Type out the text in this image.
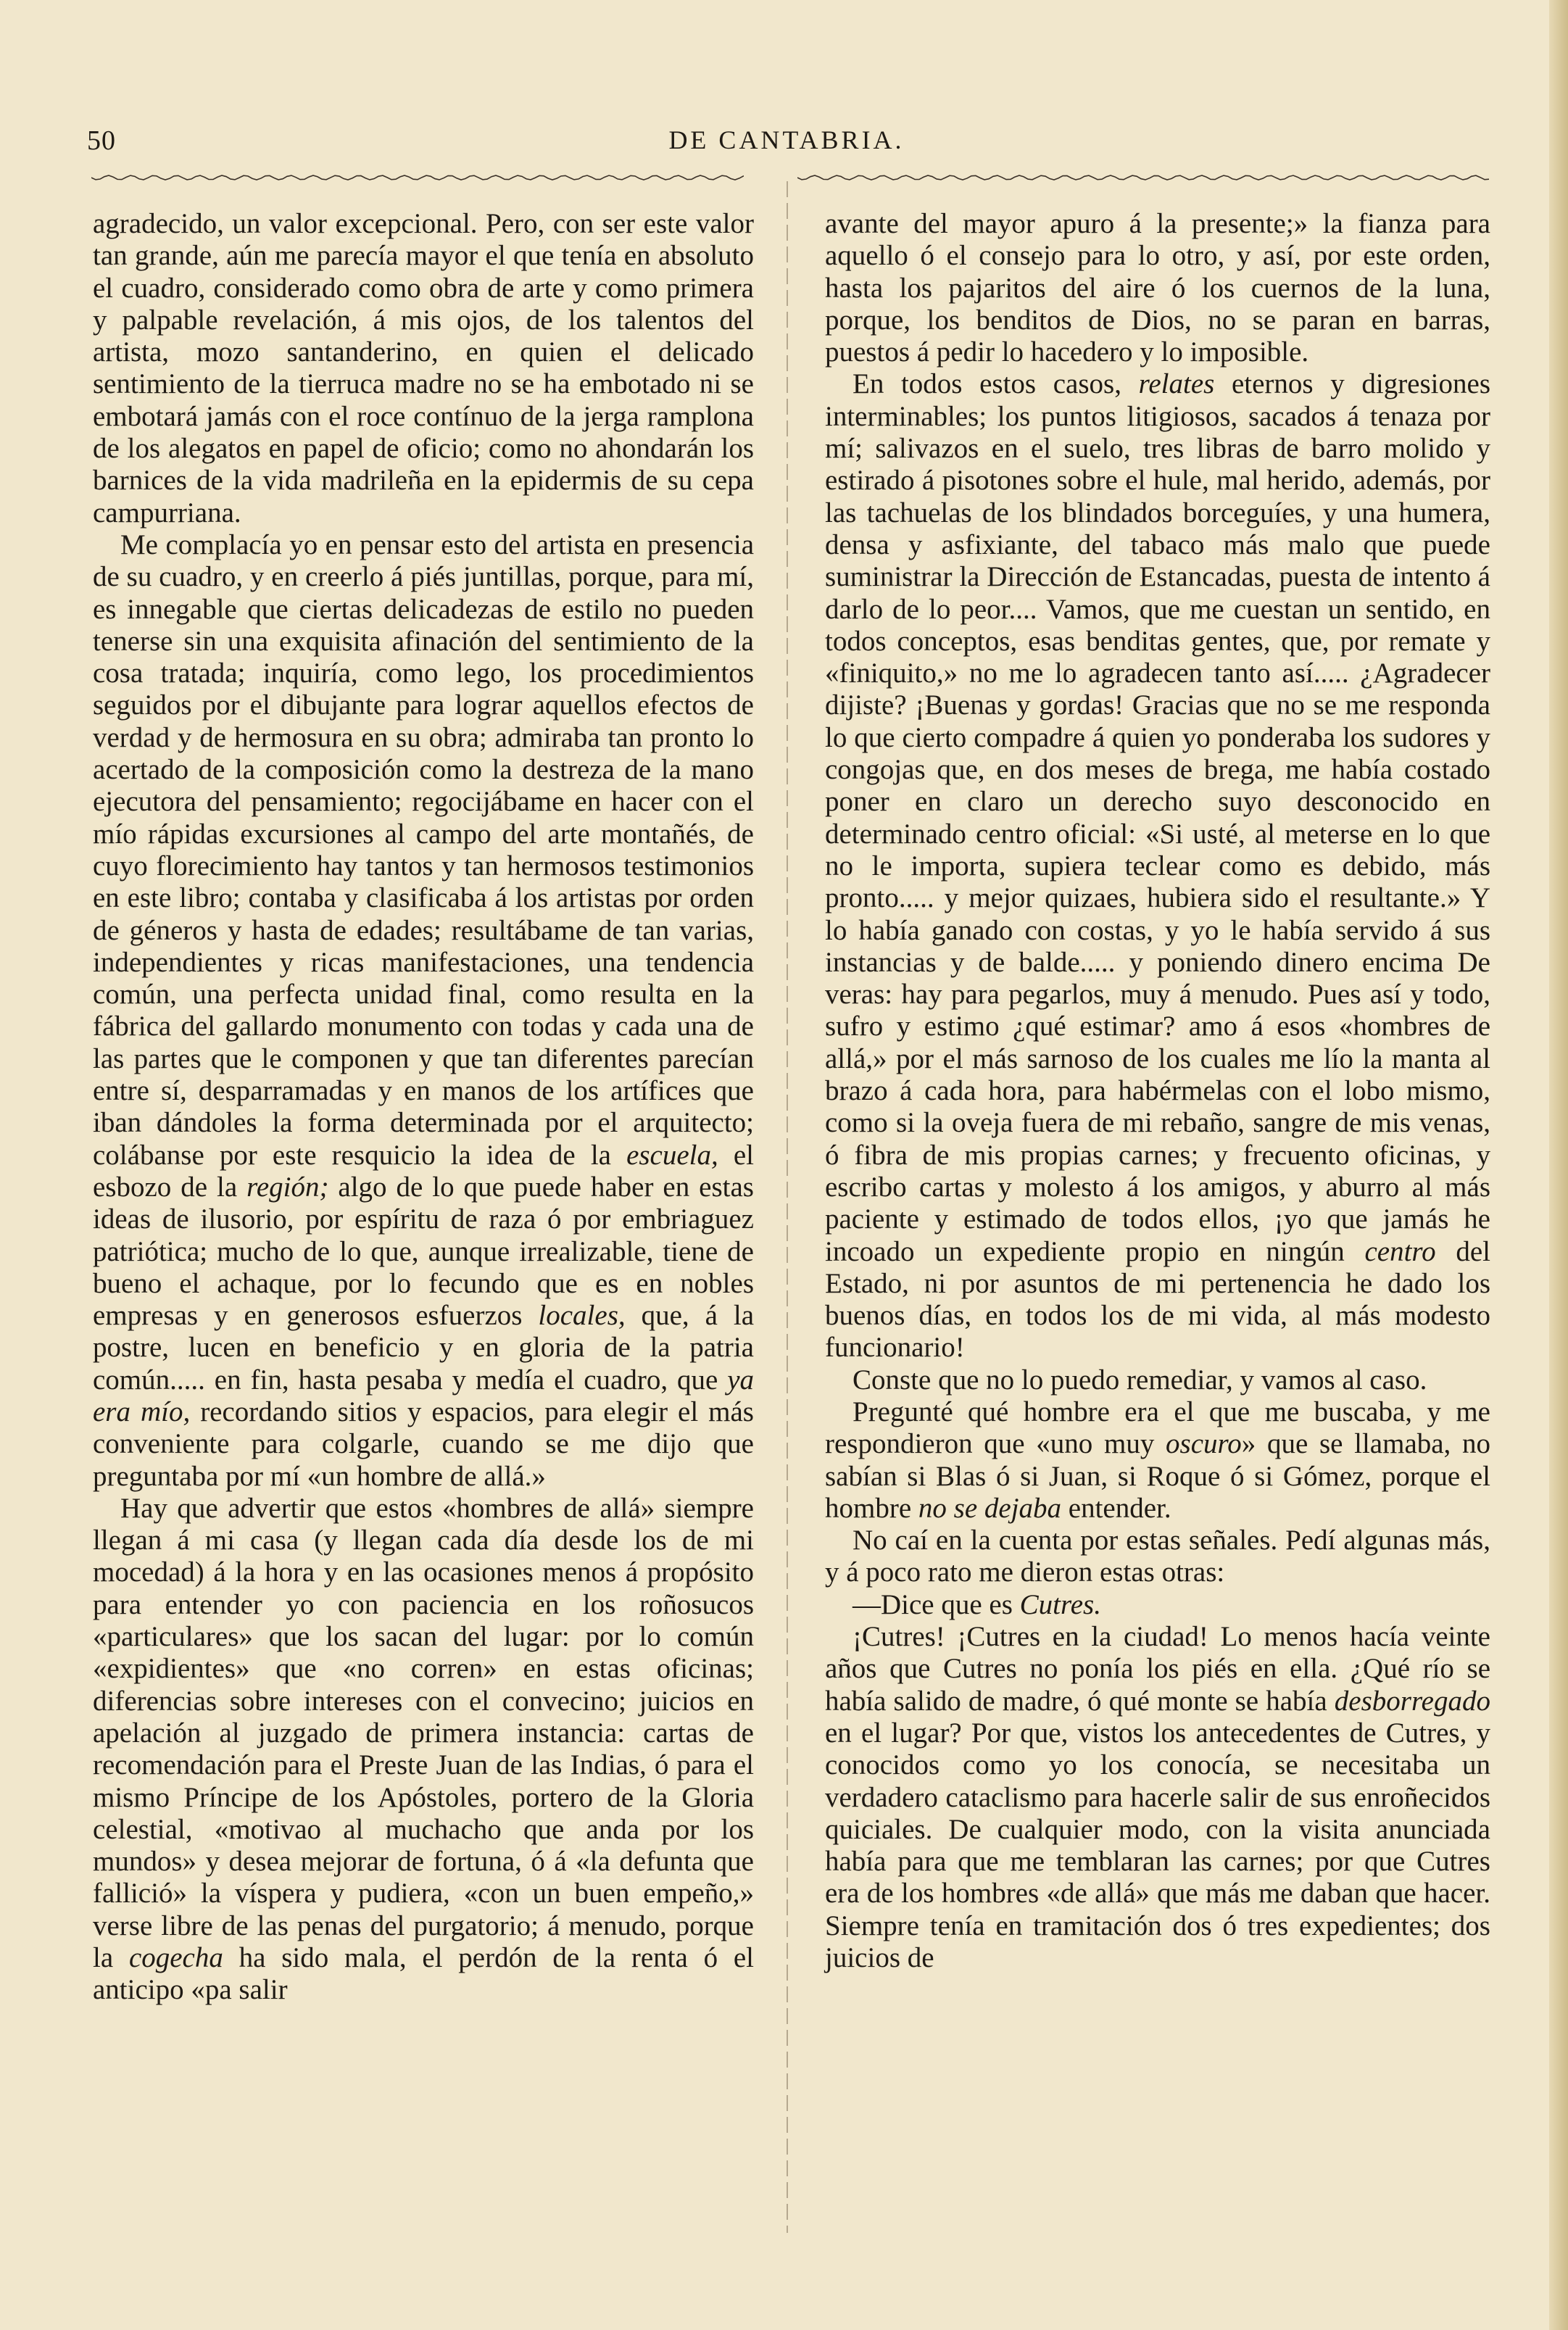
50	DE CANTABRIA.

agradecido, un valor excepcional. Pero, con ser este valor tan grande, aún me parecía mayor el que tenía en absoluto el cuadro, considerado como obra de arte y como primera y palpable revelación, á mis ojos, de los talentos del artista, mozo santanderino, en quien el delicado sentimiento de la tierruca madre no se ha embotado ni se embotará jamás con el roce contínuo de la jerga ramplona de los alegatos en papel de oficio; como no ahondarán los barnices de la vida madrileña en la epidermis de su cepa campurriana.

Me complacía yo en pensar esto del artista en presencia de su cuadro, y en creerlo á piés juntillas, porque, para mí, es innegable que ciertas delicadezas de estilo no pueden tenerse sin una exquisita afinación del sentimiento de la cosa tratada; inquiría, como lego, los procedimientos seguidos por el dibujante para lograr aquellos efectos de verdad y de hermosura en su obra; admiraba tan pronto lo acertado de la composición como la destreza de la mano ejecutora del pensamiento; regocijábame en hacer con el mío rápidas excursiones al campo del arte montañés, de cuyo florecimiento hay tantos y tan hermosos testimonios en este libro; contaba y clasificaba á los artistas por orden de géneros y hasta de edades; resultábame de tan varias, independientes y ricas manifestaciones, una tendencia común, una perfecta unidad final, como resulta en la fábrica del gallardo monumento con todas y cada una de las partes que le componen y que tan diferentes parecían entre sí, desparramadas y en manos de los artífices que iban dándoles la forma determinada por el arquitecto; colábanse por este resquicio la idea de la escuela, el esbozo de la región; algo de lo que puede haber en estas ideas de ilusorio, por espíritu de raza ó por embriaguez patriótica; mucho de lo que, aunque irrealizable, tiene de bueno el achaque, por lo fecundo que es en nobles empresas y en generosos esfuerzos locales, que, á la postre, lucen en beneficio y en gloria de la patria común..... en fin, hasta pesaba y medía el cuadro, que ya era mío, recordando sitios y espacios, para elegir el más conveniente para colgarle, cuando se me dijo que preguntaba por mí «un hombre de allá.»

Hay que advertir que estos «hombres de allá» siempre llegan á mi casa (y llegan cada día desde los de mi mocedad) á la hora y en las ocasiones menos á propósito para entender yo con paciencia en los roñosucos «particulares» que los sacan del lugar: por lo común «expidientes» que «no corren» en estas oficinas; diferencias sobre intereses con el convecino; juicios en apelación al juzgado de primera instancia: cartas de recomendación para el Preste Juan de las Indias, ó para el mismo Príncipe de los Apóstoles, portero de la Gloria celestial, «motivao al muchacho que anda por los mundos» y desea mejorar de fortuna, ó á «la defunta que fallició» la víspera y pudiera, «con un buen empeño,» verse libre de las penas del purgatorio; á menudo, porque la cogecha ha sido mala, el perdón de la renta ó el anticipo «pa salir

avante del mayor apuro á la presente;» la fianza para aquello ó el consejo para lo otro, y así, por este orden, hasta los pajaritos del aire ó los cuernos de la luna, porque, los benditos de Dios, no se paran en barras, puestos á pedir lo hacedero y lo imposible.

En todos estos casos, relates eternos y digresiones interminables; los puntos litigiosos, sacados á tenaza por mí; salivazos en el suelo, tres libras de barro molido y estirado á pisotones sobre el hule, mal herido, además, por las tachuelas de los blindados borceguíes, y una humera, densa y asfixiante, del tabaco más malo que puede suministrar la Dirección de Estancadas, puesta de intento á darlo de lo peor.... Vamos, que me cuestan un sentido, en todos conceptos, esas benditas gentes, que, por remate y «finiquito,» no me lo agradecen tanto así..... ¿Agradecer dijiste? ¡Buenas y gordas! Gracias que no se me responda lo que cierto compadre á quien yo ponderaba los sudores y congojas que, en dos meses de brega, me había costado poner en claro un derecho suyo desconocido en determinado centro oficial: «Si usté, al meterse en lo que no le importa, supiera teclear como es debido, más pronto..... y mejor quizaes, hubiera sido el resultante.» Y lo había ganado con costas, y yo le había servido á sus instancias y de balde..... y poniendo dinero encima De veras: hay para pegarlos, muy á menudo. Pues así y todo, sufro y estimo ¿qué estimar? amo á esos «hombres de allá,» por el más sarnoso de los cuales me lío la manta al brazo á cada hora, para habérmelas con el lobo mismo, como si la oveja fuera de mi rebaño, sangre de mis venas, ó fibra de mis propias carnes; y frecuento oficinas, y escribo cartas y molesto á los amigos, y aburro al más paciente y estimado de todos ellos, ¡yo que jamás he incoado un expediente propio en ningún centro del Estado, ni por asuntos de mi pertenencia he dado los buenos días, en todos los de mi vida, al más modesto funcionario!

Conste que no lo puedo remediar, y vamos al caso.

Pregunté qué hombre era el que me buscaba, y me respondieron que «uno muy oscuro» que se llamaba, no sabían si Blas ó si Juan, si Roque ó si Gómez, porque el hombre no se dejaba entender.

No caí en la cuenta por estas señales. Pedí algunas más, y á poco rato me dieron estas otras:

—Dice que es Cutres.

¡Cutres! ¡Cutres en la ciudad! Lo menos hacía veinte años que Cutres no ponía los piés en ella. ¿Qué río se había salido de madre, ó qué monte se había desborregado en el lugar? Por que, vistos los antecedentes de Cutres, y conocidos como yo los conocía, se necesitaba un verdadero cataclismo para hacerle salir de sus enroñecidos quiciales. De cualquier modo, con la visita anunciada había para que me temblaran las carnes; por que Cutres era de los hombres «de allá» que más me daban que hacer. Siempre tenía en tramitación dos ó tres expedientes; dos juicios de
